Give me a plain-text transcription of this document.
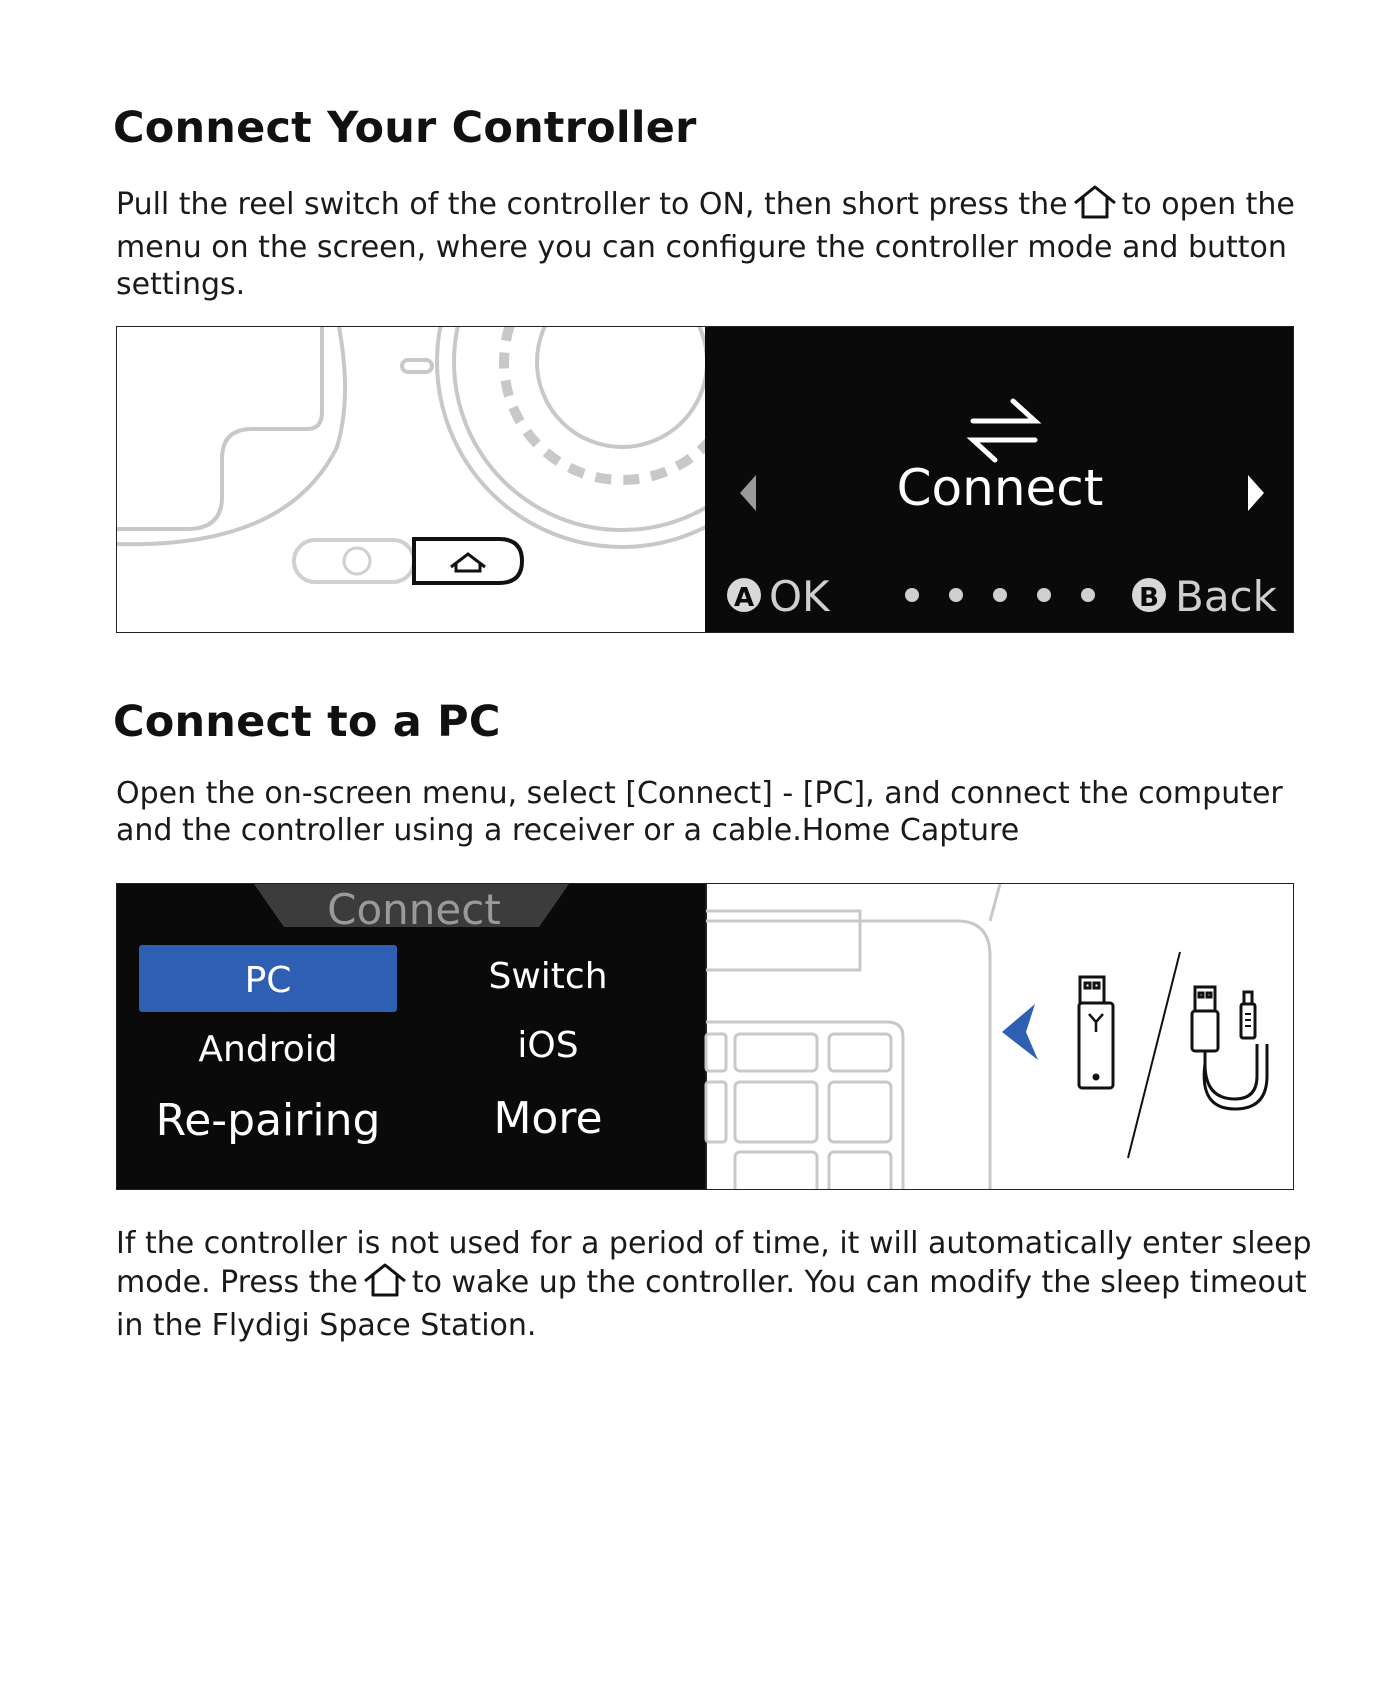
Connect Your Controller

Pull the reel switch of the controller to ON, then short press the to open the menu on the screen, where you can configure the controller mode and button settings.

Connect
A OK	B Back
Connect to a PC

Open the on-screen menu, select [Connect] - [PC], and connect the computer and the controller using a receiver or a cable.Home Capture

Connect
PC	Switch
Android	iOS
Re-pairing	More

If the controller is not used for a period of time, it will automatically enter sleep mode. Press the to wake up the controller. You can modify the sleep timeout in the Flydigi Space Station.
